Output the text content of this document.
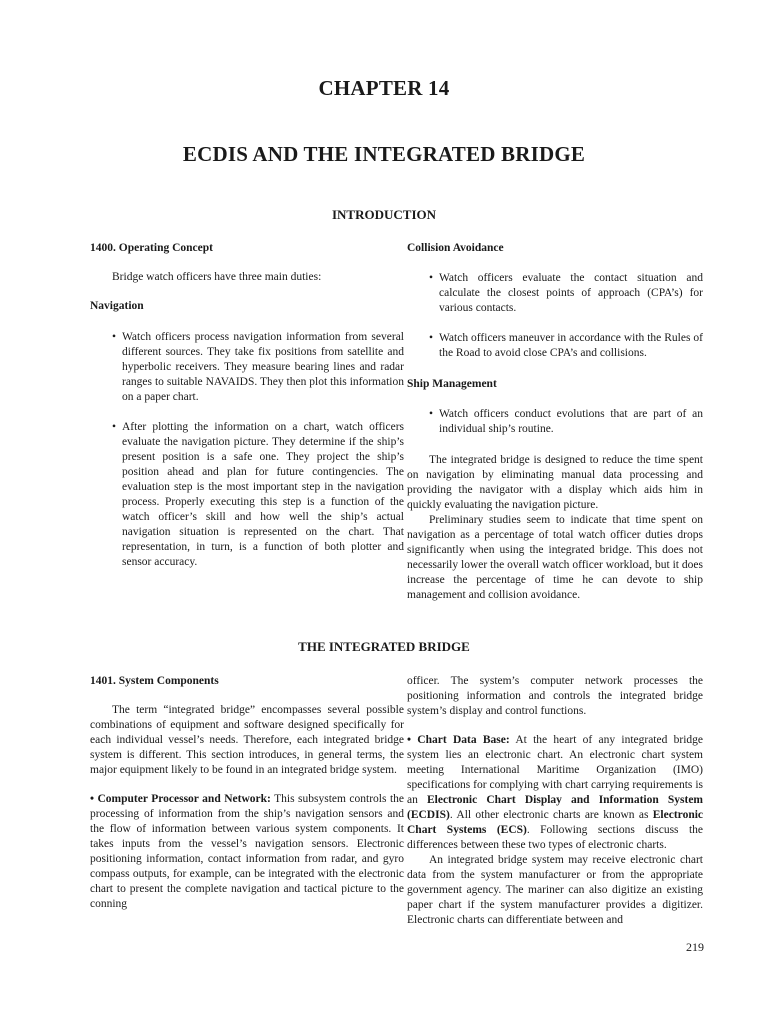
CHAPTER 14
ECDIS AND THE INTEGRATED BRIDGE
INTRODUCTION

1400. Operating Concept

Bridge watch officers have three main duties:

Navigation

• Watch officers process navigation information from several different sources. They take fix positions from satellite and hyperbolic receivers. They measure bearing lines and radar ranges to suitable NAVAIDS. They then plot this information on a paper chart.

• After plotting the information on a chart, watch officers evaluate the navigation picture. They determine if the ship’s present position is a safe one. They project the ship’s position ahead and plan for future contingencies. The evaluation step is the most important step in the navigation process. Properly executing this step is a function of the watch officer’s skill and how well the ship’s actual navigation situation is represented on the chart. That representation, in turn, is a function of both plotter and sensor accuracy.

Collision Avoidance

• Watch officers evaluate the contact situation and calculate the closest points of approach (CPA’s) for various contacts.

• Watch officers maneuver in accordance with the Rules of the Road to avoid close CPA’s and collisions.

Ship Management

• Watch officers conduct evolutions that are part of an individual ship’s routine.

The integrated bridge is designed to reduce the time spent on navigation by eliminating manual data processing and providing the navigator with a display which aids him in quickly evaluating the navigation picture.

Preliminary studies seem to indicate that time spent on navigation as a percentage of total watch officer duties drops significantly when using the integrated bridge. This does not necessarily lower the overall watch officer workload, but it does increase the percentage of time he can devote to ship management and collision avoidance.

THE INTEGRATED BRIDGE

1401. System Components

The term “integrated bridge” encompasses several possible combinations of equipment and software designed specifically for each individual vessel’s needs. Therefore, each integrated bridge system is different. This section introduces, in general terms, the major equipment likely to be found in an integrated bridge system.

• Computer Processor and Network: This subsystem controls the processing of information from the ship’s navigation sensors and the flow of information between various system components. It takes inputs from the vessel’s navigation sensors. Electronic positioning information, contact information from radar, and gyro compass outputs, for example, can be integrated with the electronic chart to present the complete navigation and tactical picture to the conning

officer. The system’s computer network processes the positioning information and controls the integrated bridge system’s display and control functions.

• Chart Data Base: At the heart of any integrated bridge system lies an electronic chart. An electronic chart system meeting International Maritime Organization (IMO) specifications for complying with chart carrying requirements is an Electronic Chart Display and Information System (ECDIS). All other electronic charts are known as Electronic Chart Systems (ECS). Following sections discuss the differences between these two types of electronic charts.

An integrated bridge system may receive electronic chart data from the system manufacturer or from the appropriate government agency. The mariner can also digitize an existing paper chart if the system manufacturer provides a digitizer. Electronic charts can differentiate between and

219
